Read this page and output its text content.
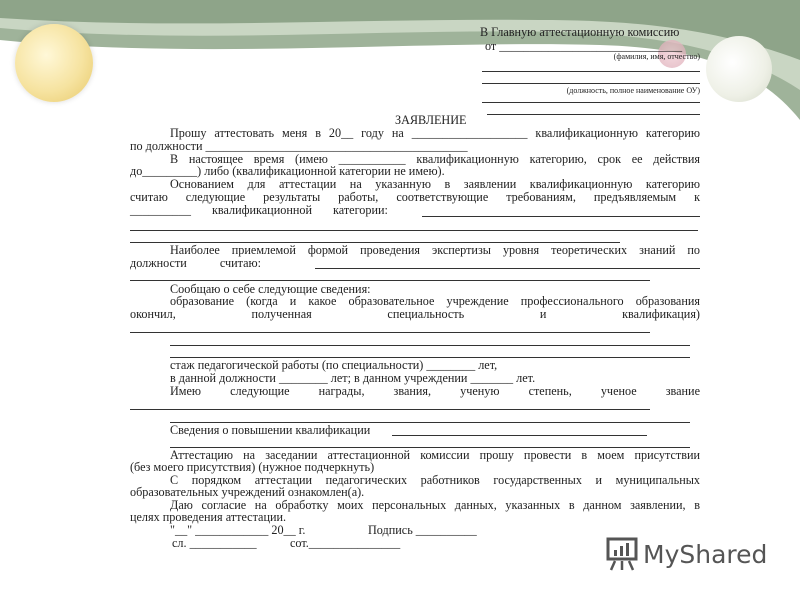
В Главную аттестационную комиссию
от ______________________________
(фамилия, имя, отчество)
(должность, полное наименование ОУ)
ЗАЯВЛЕНИЕ
Прошу аттестовать меня в 20__ году на ___________________ квалификационную категорию
по должности ___________________________________________
В настоящее время (имею ___________ квалификационную категорию, срок ее действия
до_________) либо (квалификационной категории не имею).
Основанием для аттестации на указанную в заявлении квалификационную категорию
считаю следующие результаты работы, соответствующие требованиям, предъявляемым к
__________ квалификационной категории:
Наиболее приемлемой формой проведения экспертизы уровня теоретических знаний по
должности считаю:
Сообщаю о себе следующие сведения:
образование (когда и какое образовательное учреждение профессионального образования
окончил, полученная специальность и квалификация)
стаж педагогической работы (по специальности) ________ лет,
в данной должности ________ лет; в данном учреждении _______ лет.
Имею следующие награды, звания, ученую степень, ученое звание
Сведения о повышении квалификации
Аттестацию на заседании аттестационной комиссии прошу провести в моем присутствии
(без моего присутствия) (нужное подчеркнуть)
С порядком аттестации педагогических работников государственных и муниципальных
образовательных учреждений ознакомлен(а).
Даю согласие на обработку моих персональных данных, указанных в данном заявлении, в
целях проведения аттестации.
"__" ____________ 20__ г.	Подпись __________
сл. ___________	сот._______________	MyShared
